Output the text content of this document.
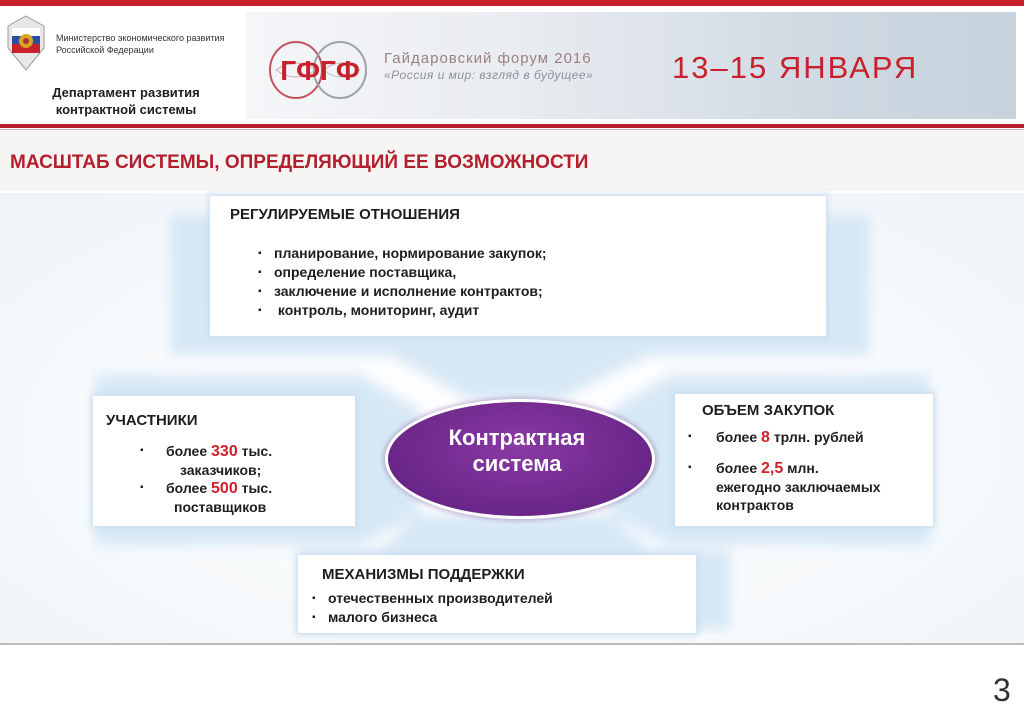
Министерство экономического развития
Российской Федерации
Департамент развития
контрактной системы
ГФГФ Гайдаровский форум 2016
«Россия и мир: взгляд в будущее»	13–15 ЯНВАРЯ
МАСШТАБ СИСТЕМЫ, ОПРЕДЕЛЯЮЩИЙ ЕЕ ВОЗМОЖНОСТИ
РЕГУЛИРУЕМЫЕ ОТНОШЕНИЯ
▪ планирование, нормирование закупок;
▪ определение поставщика,
▪ заключение и исполнение контрактов;
▪ контроль, мониторинг, аудит
УЧАСТНИКИ
▪ более 330 тыс.
заказчиков;
▪ более 500 тыс.
поставщиков
ОБЪЕМ ЗАКУПОК
▪ более 8 трлн. рублей
▪ более 2,5 млн.
ежегодно заключаемых
контрактов
МЕХАНИЗМЫ ПОДДЕРЖКИ
▪ отечественных производителей
▪ малого бизнеса
Контрактная
система
3
